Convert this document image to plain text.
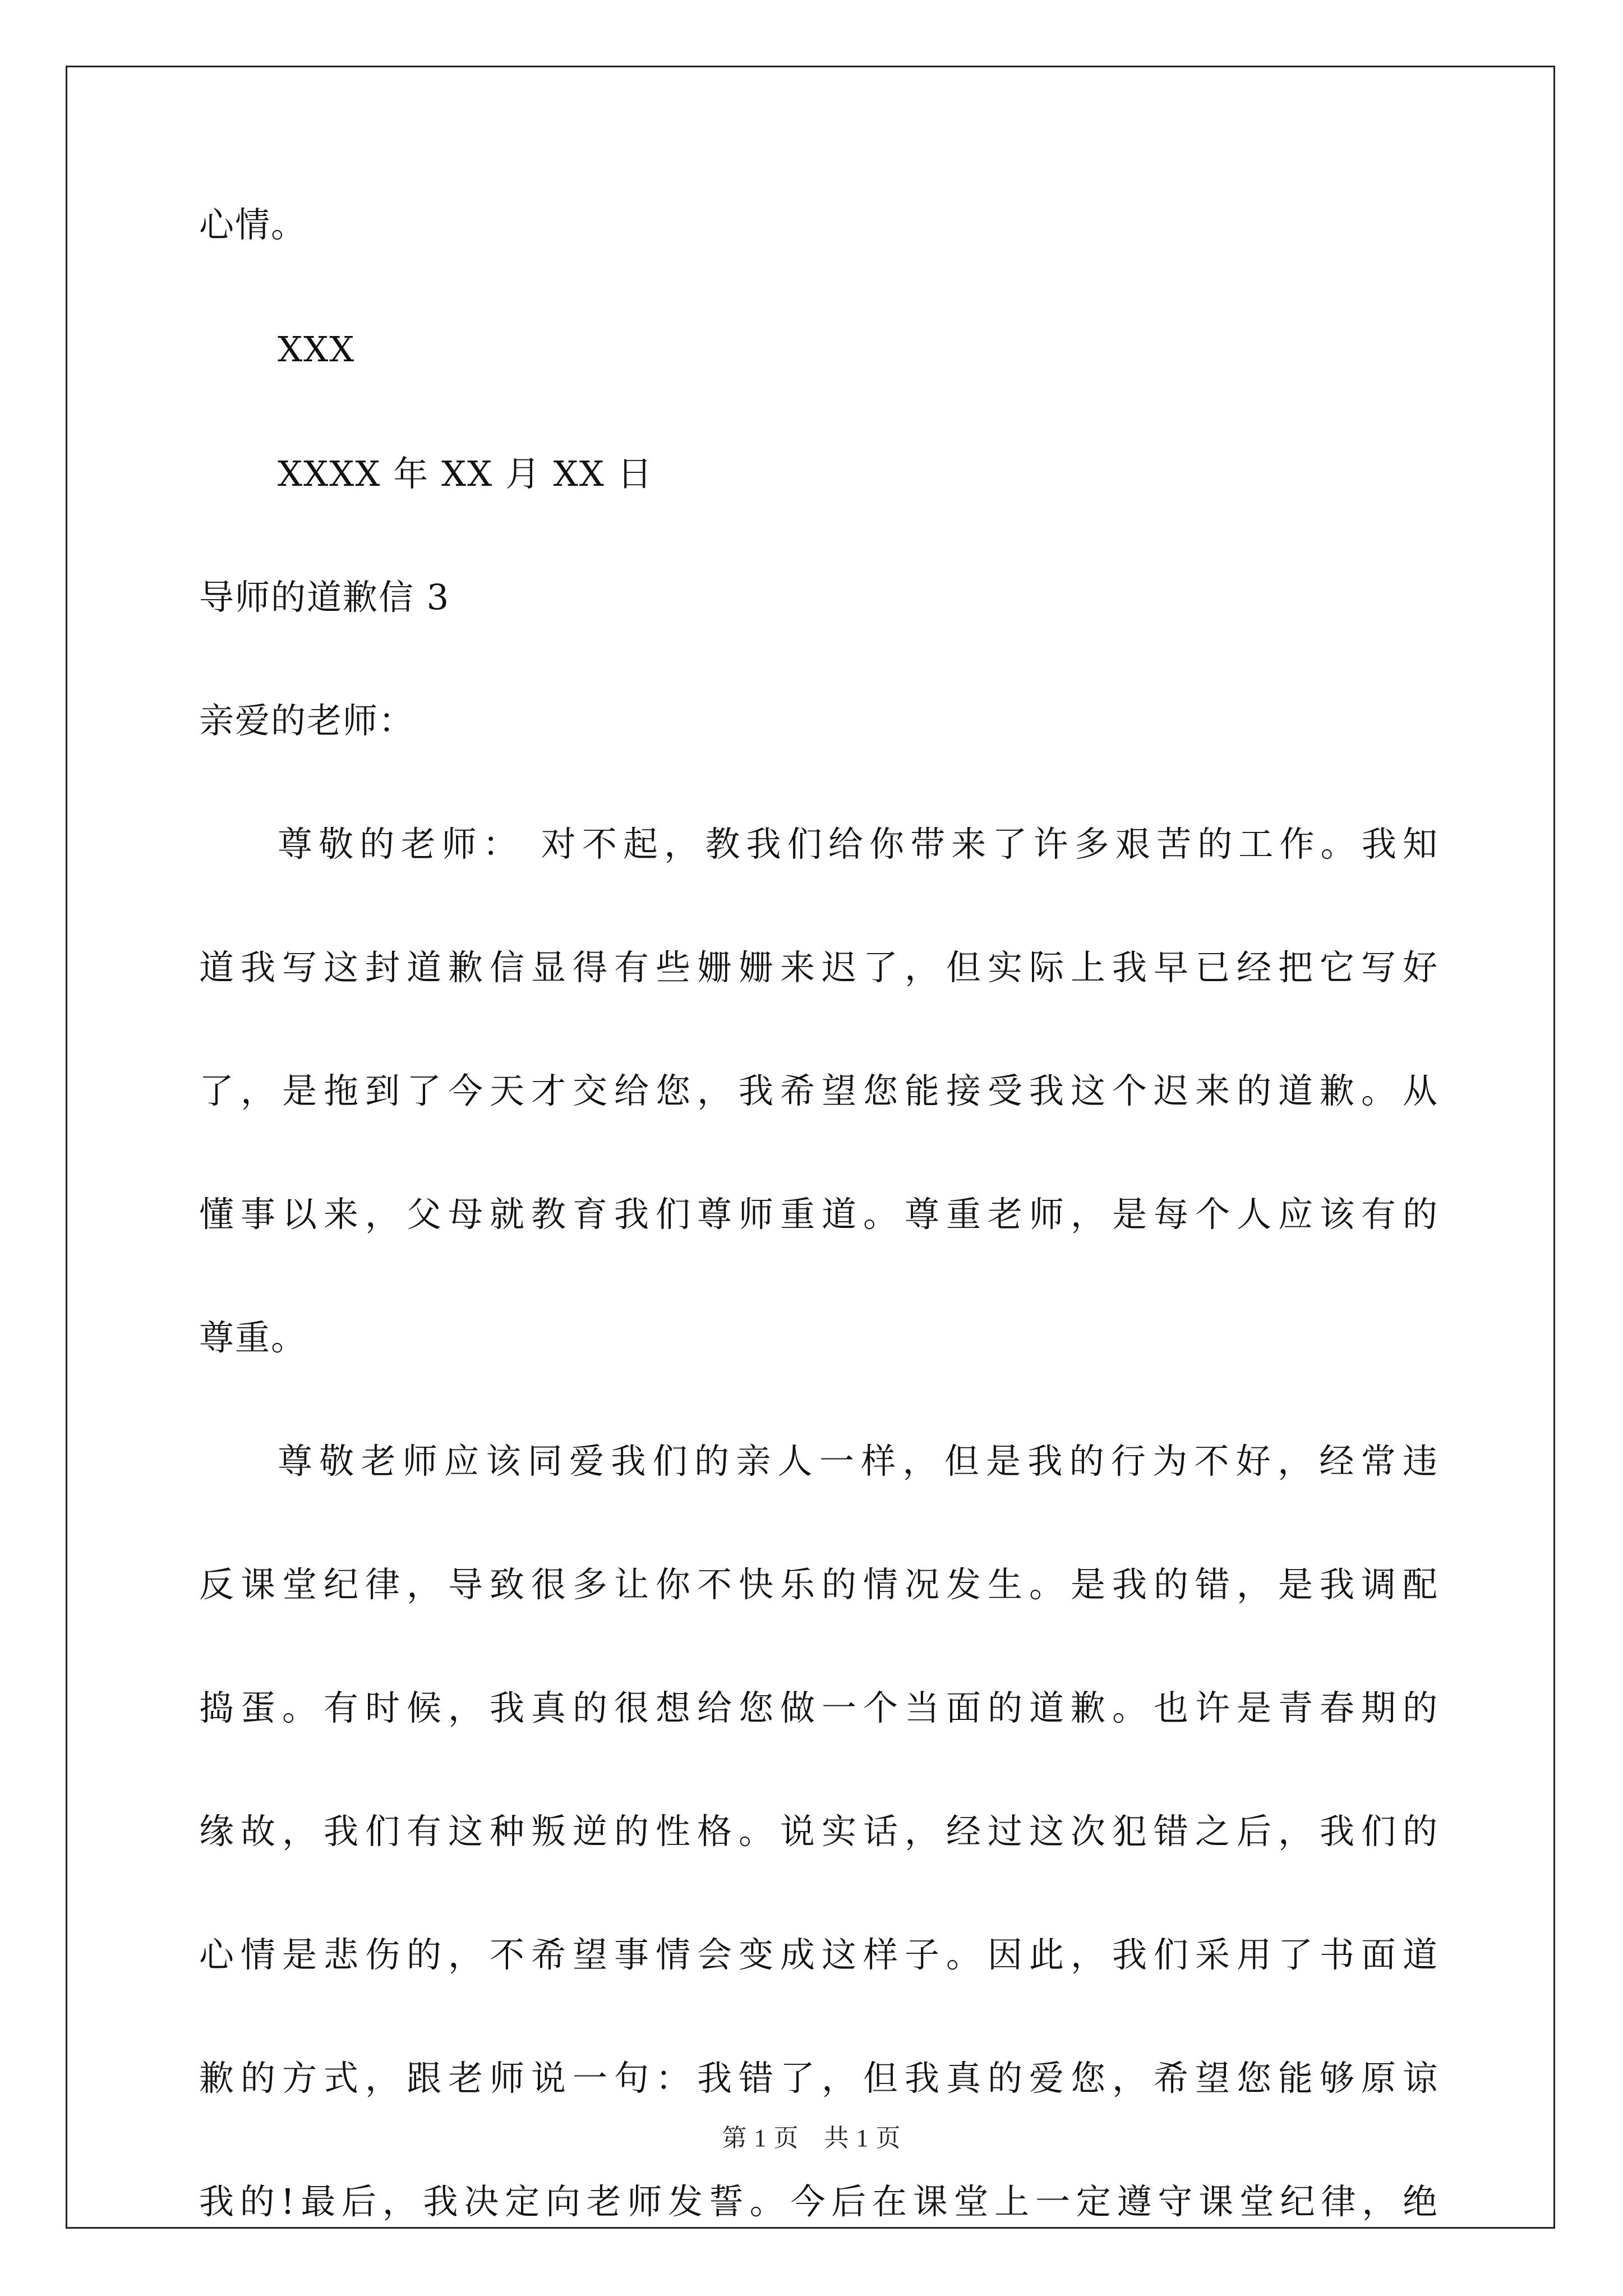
心情。

XXX

XXXX 年 XX 月 XX 日

导师的道歉信 3

亲爱的老师：

尊敬的老师： 对不起，教我们给你带来了许多艰苦的工作。我知

道我写这封道歉信显得有些姗姗来迟了，但实际上我早已经把它写好

了，是拖到了今天才交给您，我希望您能接受我这个迟来的道歉。从

懂事以来，父母就教育我们尊师重道。尊重老师，是每个人应该有的

尊重。

尊敬老师应该同爱我们的亲人一样，但是我的行为不好，经常违

反课堂纪律，导致很多让你不快乐的情况发生。是我的错，是我调配

捣蛋。有时候，我真的很想给您做一个当面的道歉。也许是青春期的

缘故，我们有这种叛逆的性格。说实话，经过这次犯错之后，我们的

心情是悲伤的，不希望事情会变成这样子。因此，我们采用了书面道

歉的方式，跟老师说一句：我错了，但我真的爱您，希望您能够原谅

我的!最后，我决定向老师发誓。今后在课堂上一定遵守课堂纪律，绝

第 1 页　共 1 页
